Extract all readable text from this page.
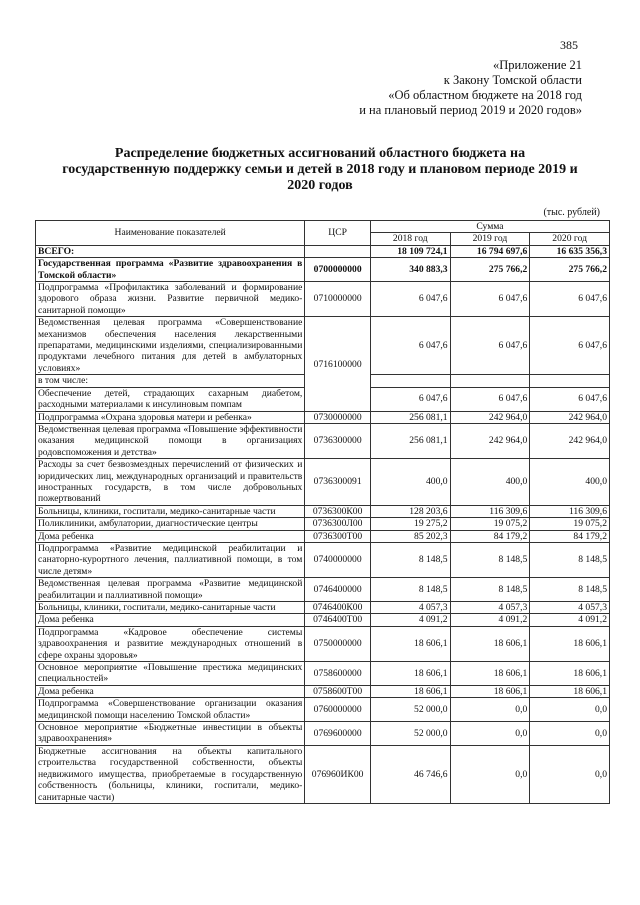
385
«Приложение 21
к Закону Томской области
«Об областном бюджете на 2018 год
и на плановый период 2019 и 2020 годов»
Распределение бюджетных ассигнований областного бюджета на государственную поддержку семьи и детей в 2018 году и плановом периоде 2019 и 2020 годов
(тыс. рублей)
Наименование показателей	ЦСР	Сумма		
		2018 год	2019 год	2020 год
ВСЕГО:		18 109 724,1	16 794 697,6	16 635 356,3
Государственная программа «Развитие здравоохранения в Томской области»	0700000000	340 883,3	275 766,2	275 766,2
Подпрограмма «Профилактика заболеваний и формирование здорового образа жизни. Развитие первичной медико-санитарной помощи»	0710000000	6 047,6	6 047,6	6 047,6
Ведомственная целевая программа «Совершенствование механизмов обеспечения населения лекарственными препаратами, медицинскими изделиями, специализированными продуктами лечебного питания для детей в амбулаторных условиях»	0716100000	6 047,6	6 047,6	6 047,6
в том числе:				
Обеспечение детей, страдающих сахарным диабетом, расходными материалами к инсулиновым помпам		6 047,6	6 047,6	6 047,6
Подпрограмма «Охрана здоровья матери и ребенка»	0730000000	256 081,1	242 964,0	242 964,0
Ведомственная целевая программа «Повышение эффективности оказания медицинской помощи в организациях родовспоможения и детства»	0736300000	256 081,1	242 964,0	242 964,0
Расходы за счет безвозмездных перечислений от физических и юридических лиц, международных организаций и правительств иностранных государств, в том числе добровольных пожертвований	0736300091	400,0	400,0	400,0
Больницы, клиники, госпитали, медико-санитарные части	0736300К00	128 203,6	116 309,6	116 309,6
Поликлиники, амбулатории, диагностические центры	0736300Л00	19 275,2	19 075,2	19 075,2
Дома ребенка	0736300Т00	85 202,3	84 179,2	84 179,2
Подпрограмма «Развитие медицинской реабилитации и санаторно-курортного лечения, паллиативной помощи, в том числе детям»	0740000000	8 148,5	8 148,5	8 148,5
Ведомственная целевая программа «Развитие медицинской реабилитации и паллиативной помощи»	0746400000	8 148,5	8 148,5	8 148,5
Больницы, клиники, госпитали, медико-санитарные части	0746400К00	4 057,3	4 057,3	4 057,3
Дома ребенка	0746400Т00	4 091,2	4 091,2	4 091,2
Подпрограмма «Кадровое обеспечение системы здравоохранения и развитие международных отношений в сфере охраны здоровья»	0750000000	18 606,1	18 606,1	18 606,1
Основное мероприятие «Повышение престижа медицинских специальностей»	0758600000	18 606,1	18 606,1	18 606,1
Дома ребенка	0758600Т00	18 606,1	18 606,1	18 606,1
Подпрограмма «Совершенствование организации оказания медицинской помощи населению Томской области»	0760000000	52 000,0	0,0	0,0
Основное мероприятие «Бюджетные инвестиции в объекты здравоохранения»	0769600000	52 000,0	0,0	0,0
Бюджетные ассигнования на объекты капитального строительства государственной собственности, объекты недвижимого имущества, приобретаемые в государственную собственность (больницы, клиники, госпитали, медико-санитарные части)	076960ИК00	46 746,6	0,0	0,0
